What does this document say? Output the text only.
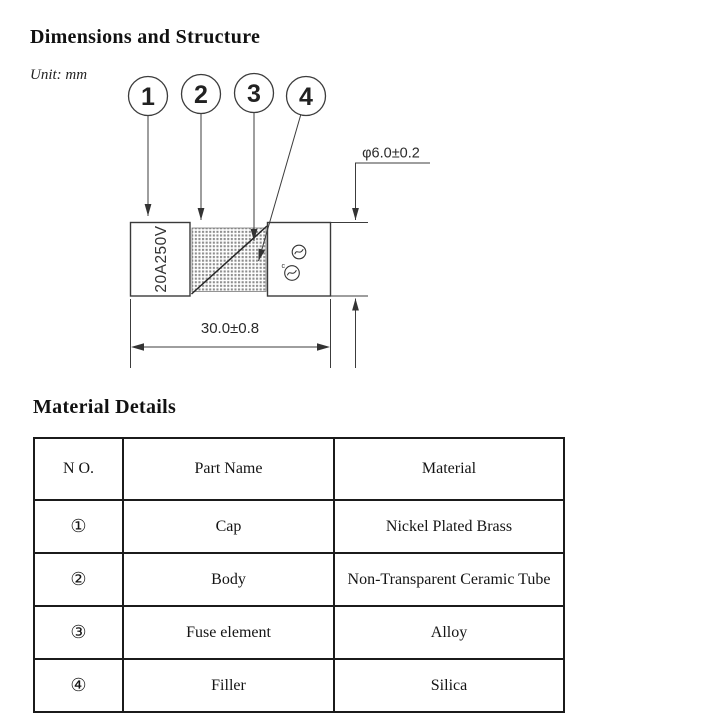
Dimensions and Structure
Unit: mm
20A250V	c
1 2 3 4
φ6.0±0.2
30.0±0.8
Material Details
N O.	Part Name	Material
①	Cap	Nickel Plated Brass
②	Body	Non-Transparent Ceramic Tube
③	Fuse element	Alloy
④	Filler	Silica
